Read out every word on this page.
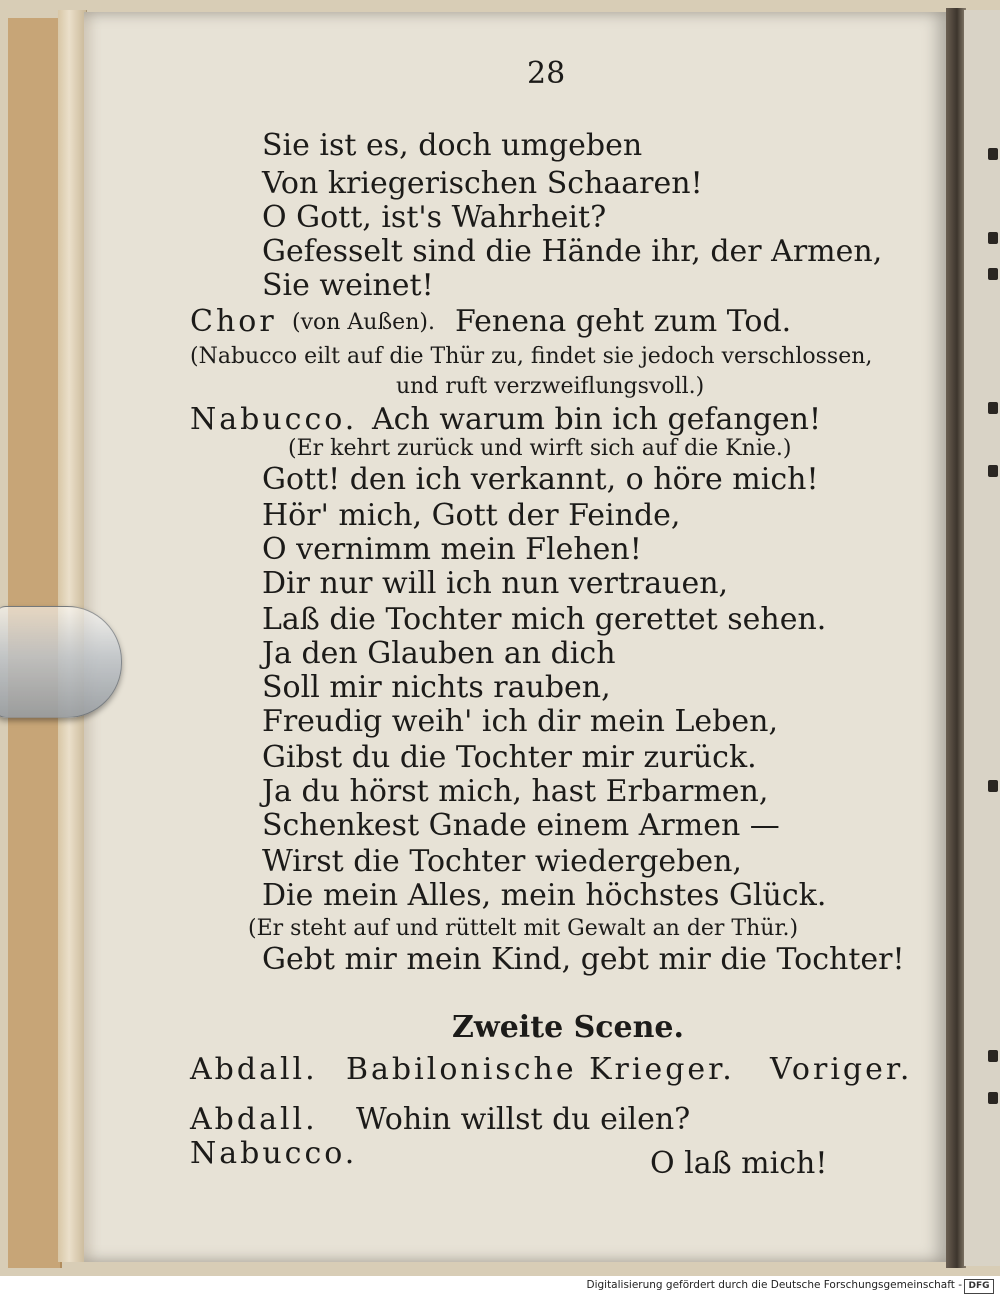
28
Sie ist es, doch umgeben
Von kriegerischen Schaaren!
O Gott, ist's Wahrheit?
Gefesselt sind die Hände ihr, der Armen,
Sie weinet!
Chor (von Außen). Fenena geht zum Tod.
(Nabucco eilt auf die Thür zu, findet sie jedoch verschlossen,
und ruft verzweiflungsvoll.)
Nabucco. Ach warum bin ich gefangen!
(Er kehrt zurück und wirft sich auf die Knie.)
Gott! den ich verkannt, o höre mich!
Hör' mich, Gott der Feinde,
O vernimm mein Flehen!
Dir nur will ich nun vertrauen,
Laß die Tochter mich gerettet sehen.
Ja den Glauben an dich
Soll mir nichts rauben,
Freudig weih' ich dir mein Leben,
Gibst du die Tochter mir zurück.
Ja du hörst mich, hast Erbarmen,
Schenkest Gnade einem Armen —
Wirst die Tochter wiedergeben,
Die mein Alles, mein höchstes Glück.
(Er steht auf und rüttelt mit Gewalt an der Thür.)
Gebt mir mein Kind, gebt mir die Tochter!
Zweite Scene.
Abdall. Babilonische Krieger. Voriger.
Abdall. Wohin willst du eilen?
Nabucco.	O laß mich!
Digitalisierung gefördert durch die Deutsche Forschungsgemeinschaft - DFG
